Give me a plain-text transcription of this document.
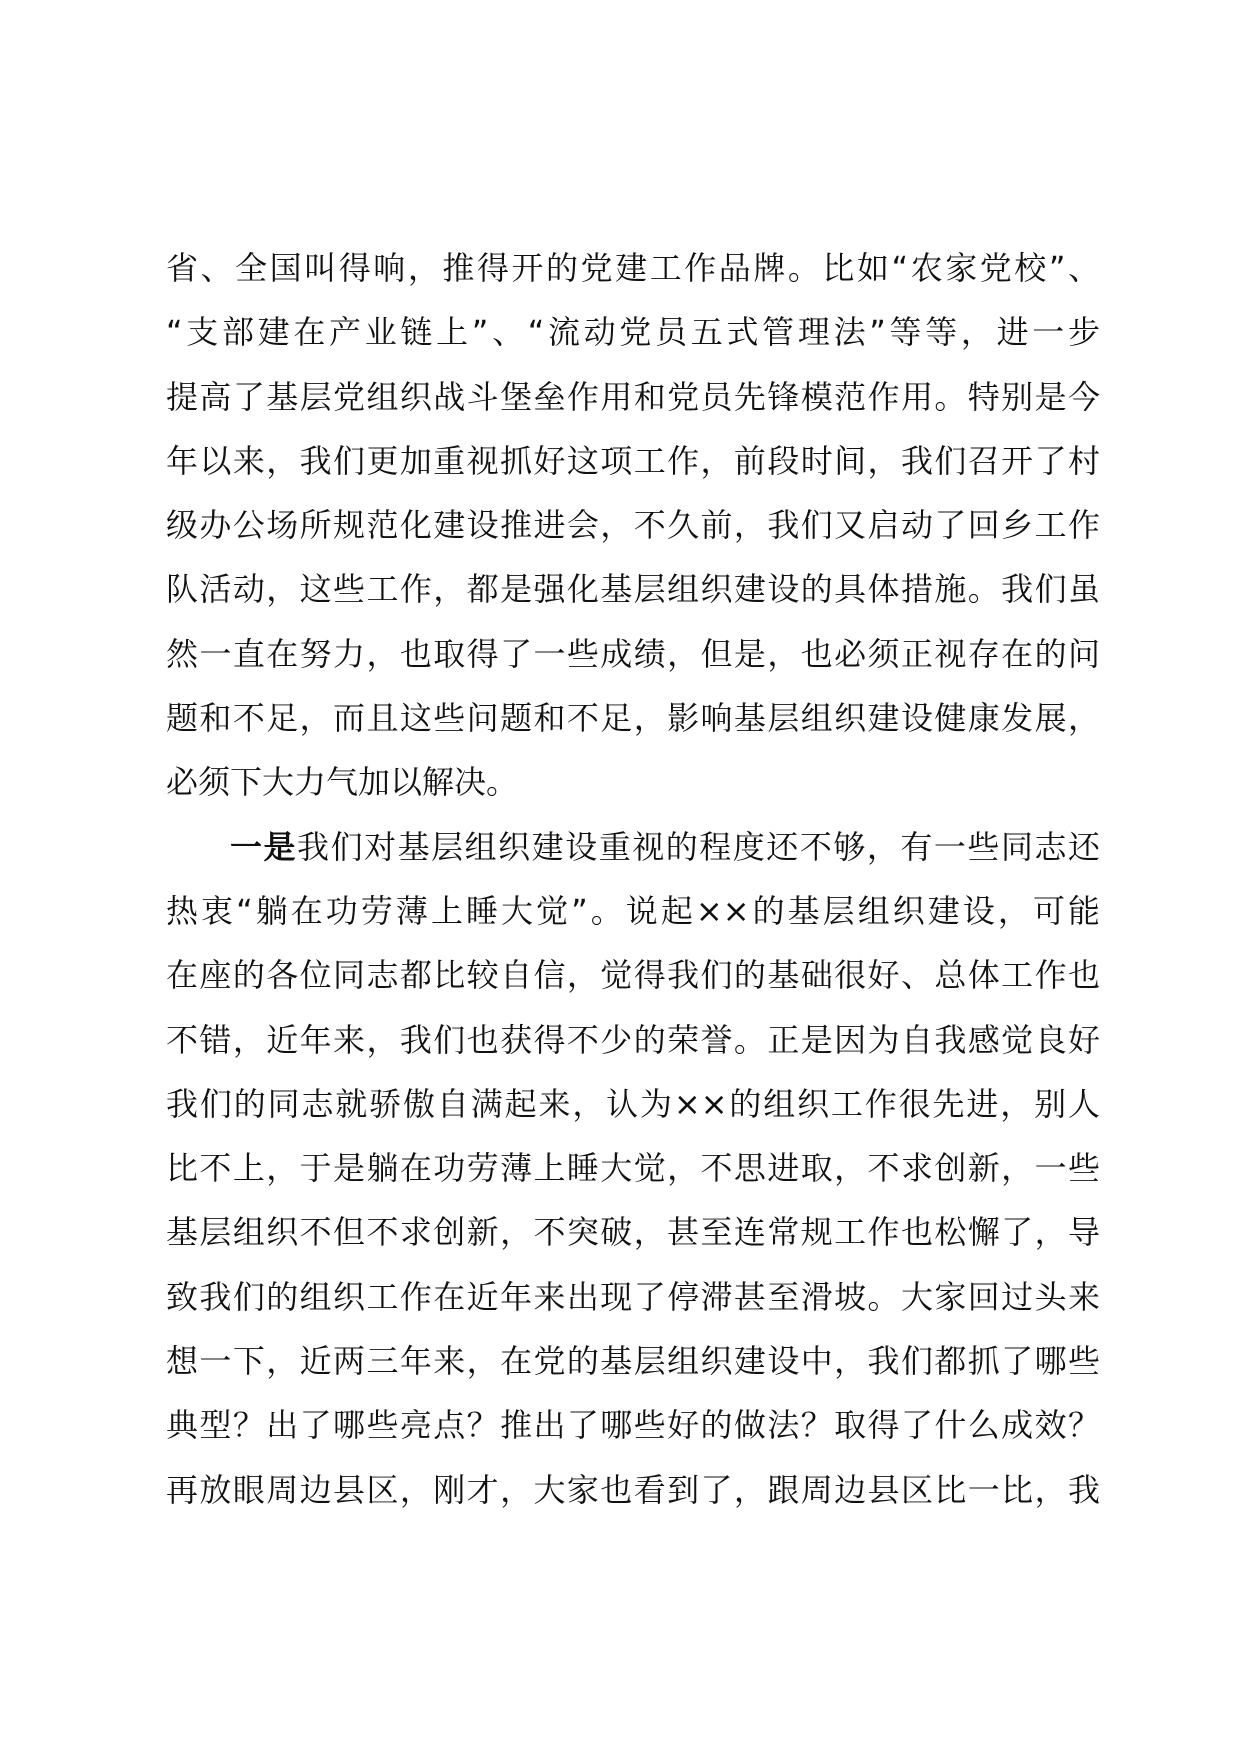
省、全国叫得响，推得开的党建工作品牌。比如“农家党校”、
“支部建在产业链上”、“流动党员五式管理法”等等，进一步
提高了基层党组织战斗堡垒作用和党员先锋模范作用。特别是今
年以来，我们更加重视抓好这项工作，前段时间，我们召开了村
级办公场所规范化建设推进会，不久前，我们又启动了回乡工作
队活动，这些工作，都是强化基层组织建设的具体措施。我们虽
然一直在努力，也取得了一些成绩，但是，也必须正视存在的问
题和不足，而且这些问题和不足，影响基层组织建设健康发展，
必须下大力气加以解决。
一是我们对基层组织建设重视的程度还不够，有一些同志还
热衷“躺在功劳薄上睡大觉”。说起××的基层组织建设，可能
在座的各位同志都比较自信，觉得我们的基础很好、总体工作也
不错，近年来，我们也获得不少的荣誉。正是因为自我感觉良好
我们的同志就骄傲自满起来，认为××的组织工作很先进，别人
比不上，于是躺在功劳薄上睡大觉，不思进取，不求创新，一些
基层组织不但不求创新，不突破，甚至连常规工作也松懈了，导
致我们的组织工作在近年来出现了停滞甚至滑坡。大家回过头来
想一下，近两三年来，在党的基层组织建设中，我们都抓了哪些
典型？出了哪些亮点？推出了哪些好的做法？取得了什么成效？
再放眼周边县区，刚才，大家也看到了，跟周边县区比一比，我
